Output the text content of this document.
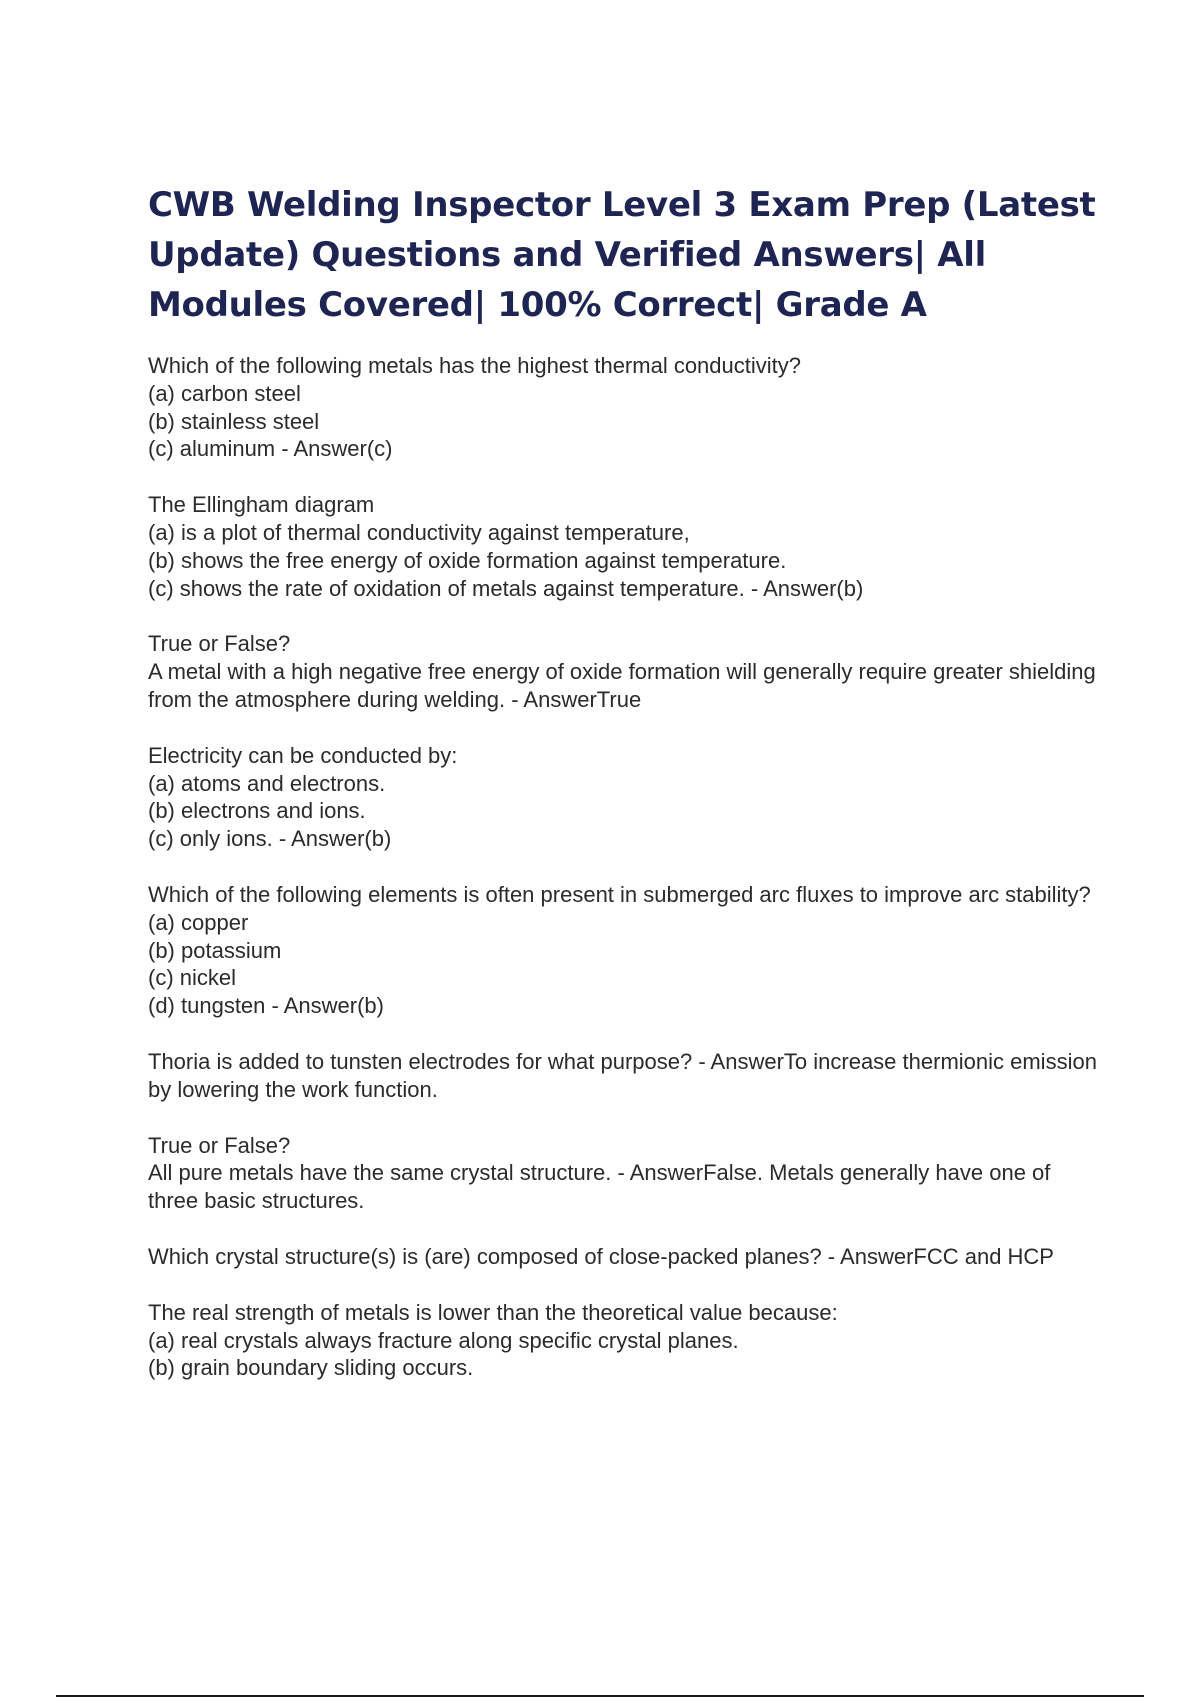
CWB Welding Inspector Level 3 Exam Prep (Latest Update) Questions and Verified Answers| All Modules Covered| 100% Correct| Grade A
Which of the following metals has the highest thermal conductivity?
(a) carbon steel
(b) stainless steel
(c) aluminum - Answer(c)
The Ellingham diagram
(a) is a plot of thermal conductivity against temperature,
(b) shows the free energy of oxide formation against temperature.
(c) shows the rate of oxidation of metals against temperature. - Answer(b)
True or False?
A metal with a high negative free energy of oxide formation will generally require greater shielding from the atmosphere during welding. - AnswerTrue
Electricity can be conducted by:
(a) atoms and electrons.
(b) electrons and ions.
(c) only ions. - Answer(b)
Which of the following elements is often present in submerged arc fluxes to improve arc stability?
(a) copper
(b) potassium
(c) nickel
(d) tungsten - Answer(b)
Thoria is added to tunsten electrodes for what purpose? - AnswerTo increase thermionic emission by lowering the work function.
True or False?
All pure metals have the same crystal structure. - AnswerFalse. Metals generally have one of three basic structures.
Which crystal structure(s) is (are) composed of close-packed planes? - AnswerFCC and HCP
The real strength of metals is lower than the theoretical value because:
(a) real crystals always fracture along specific crystal planes.
(b) grain boundary sliding occurs.
